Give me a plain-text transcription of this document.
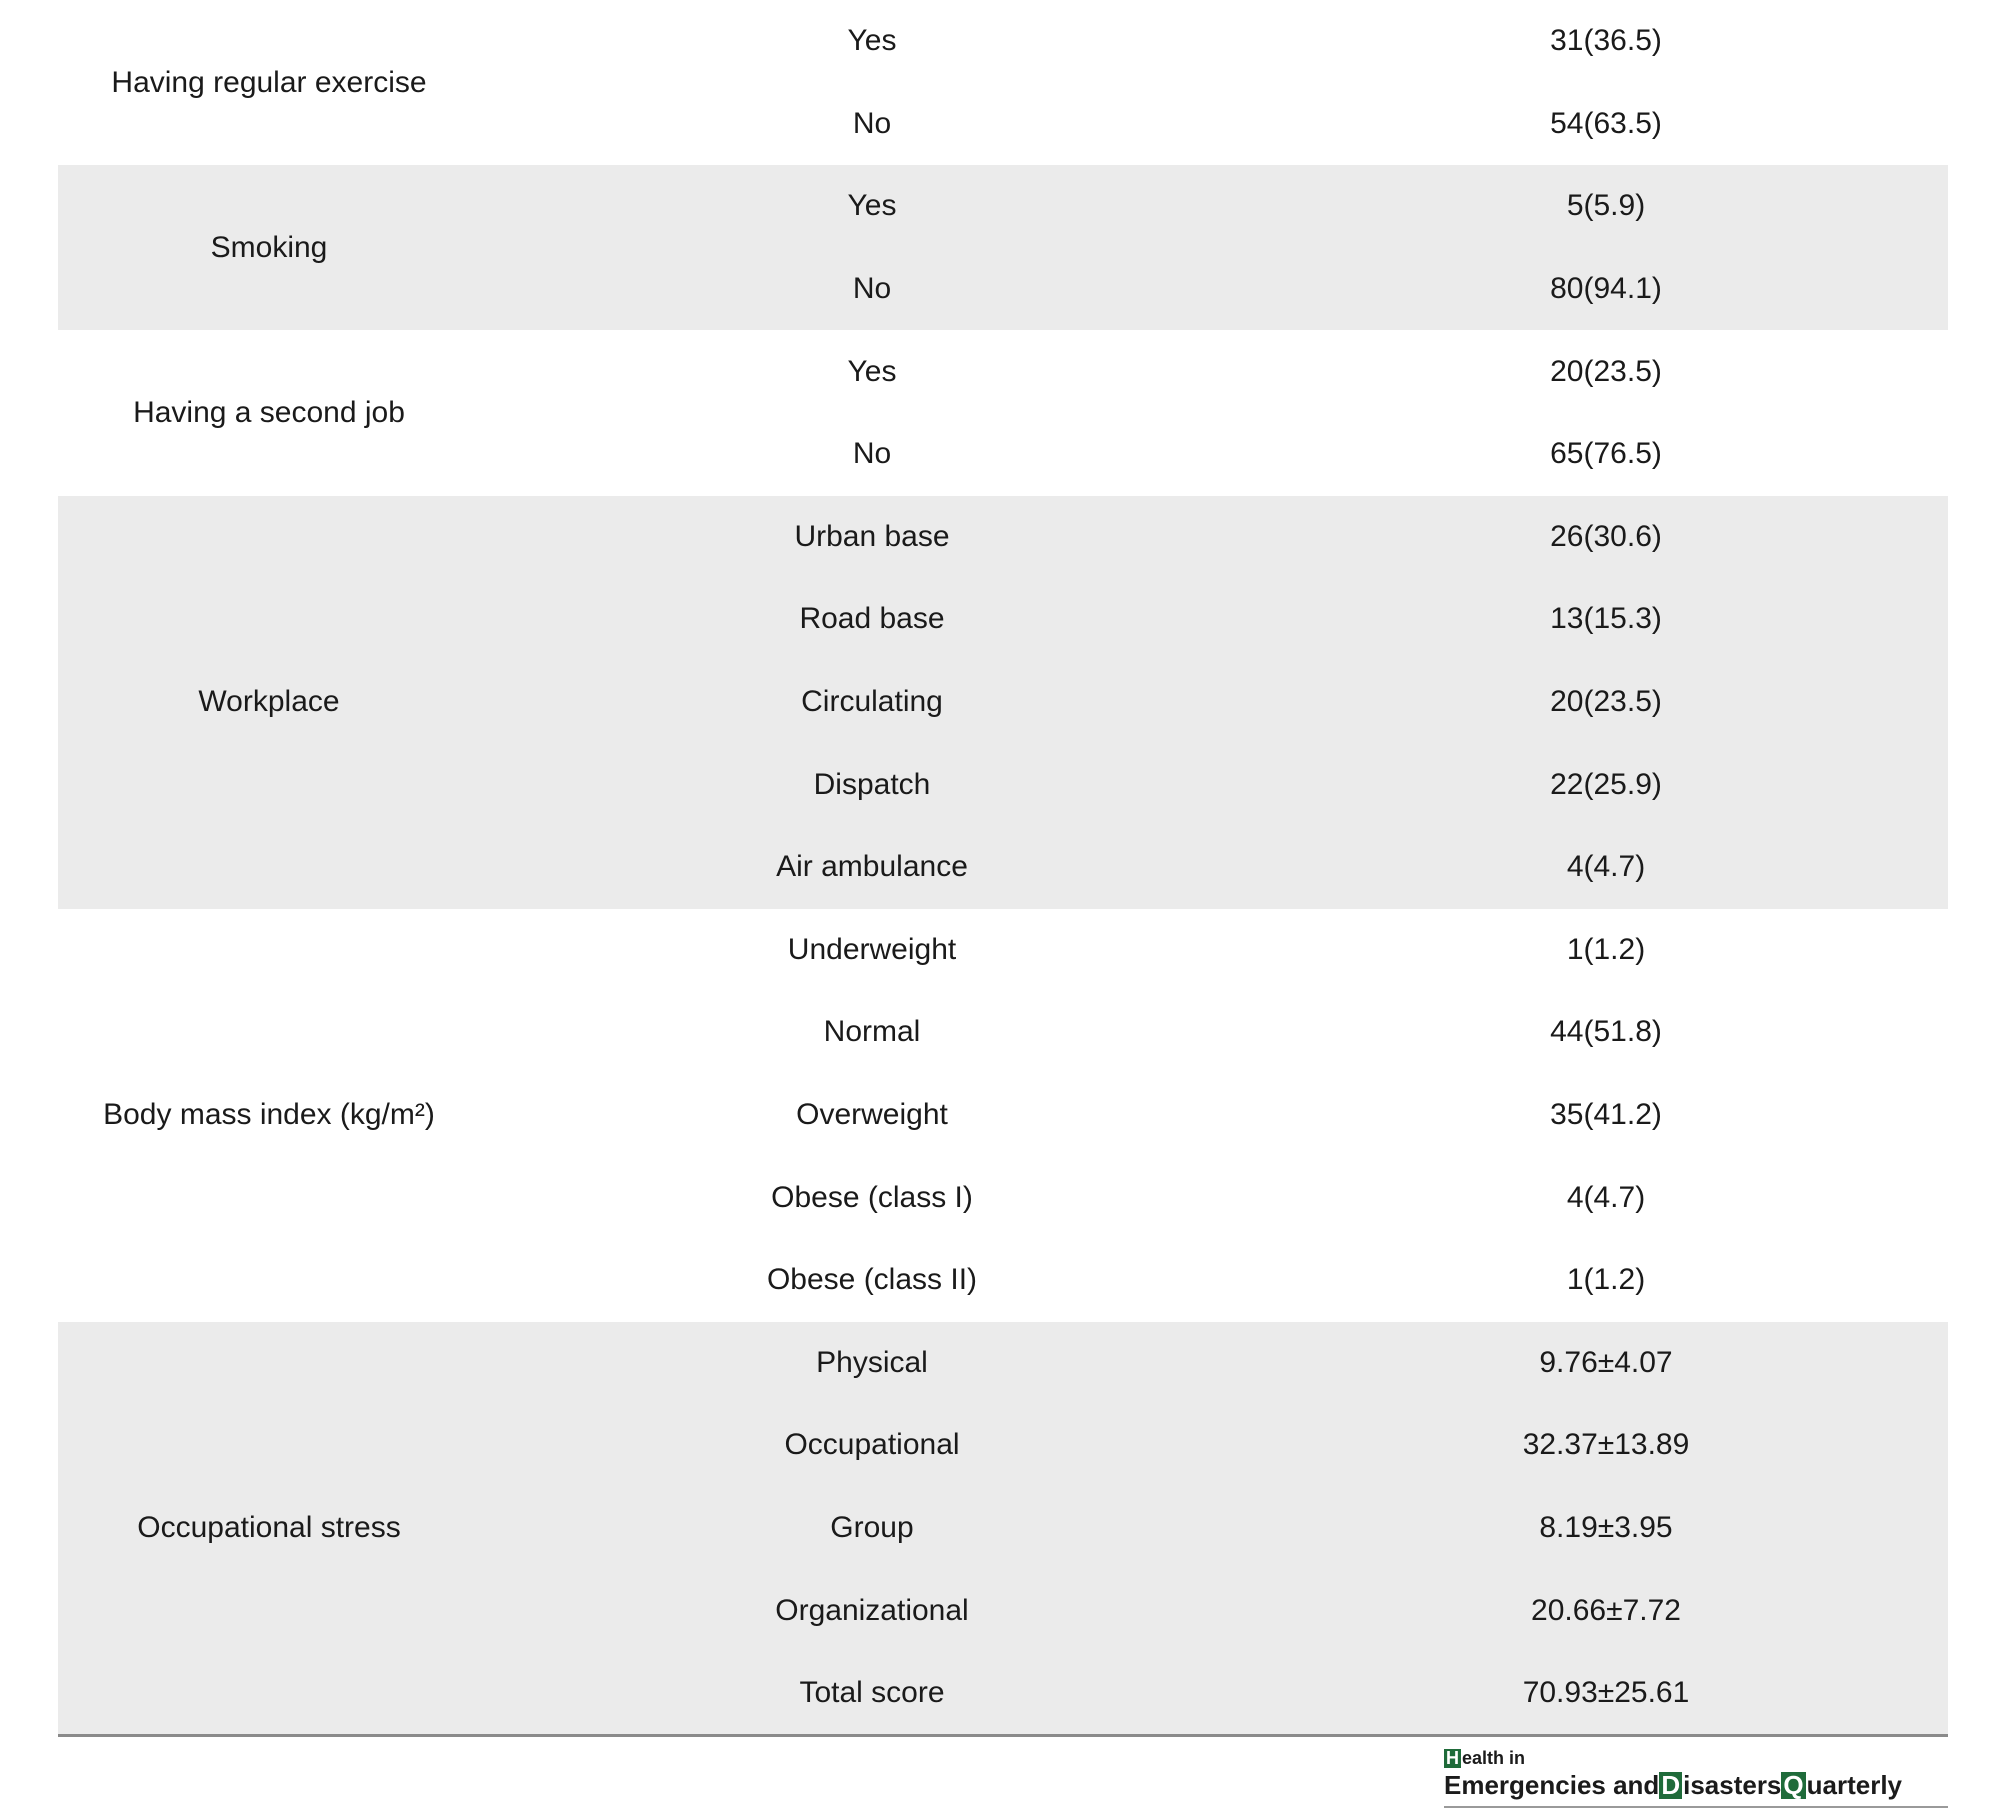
Having regular exercise
Yes	31(36.5)
No	54(63.5)
Smoking
Yes	5(5.9)
No	80(94.1)
Having a second job
Yes	20(23.5)
No	65(76.5)
Workplace
Urban base	26(30.6)
Road base	13(15.3)
Circulating	20(23.5)
Dispatch	22(25.9)
Air ambulance	4(4.7)
Body mass index (kg/m²)
Underweight	1(1.2)
Normal	44(51.8)
Overweight	35(41.2)
Obese (class I)	4(4.7)
Obese (class II)	1(1.2)
Occupational stress
Physical	9.76±4.07
Occupational	32.37±13.89
Group	8.19±3.95
Organizational	20.66±7.72
Total score	70.93±25.61
H ealth in
Emergencies and D isasters Q uarterly
